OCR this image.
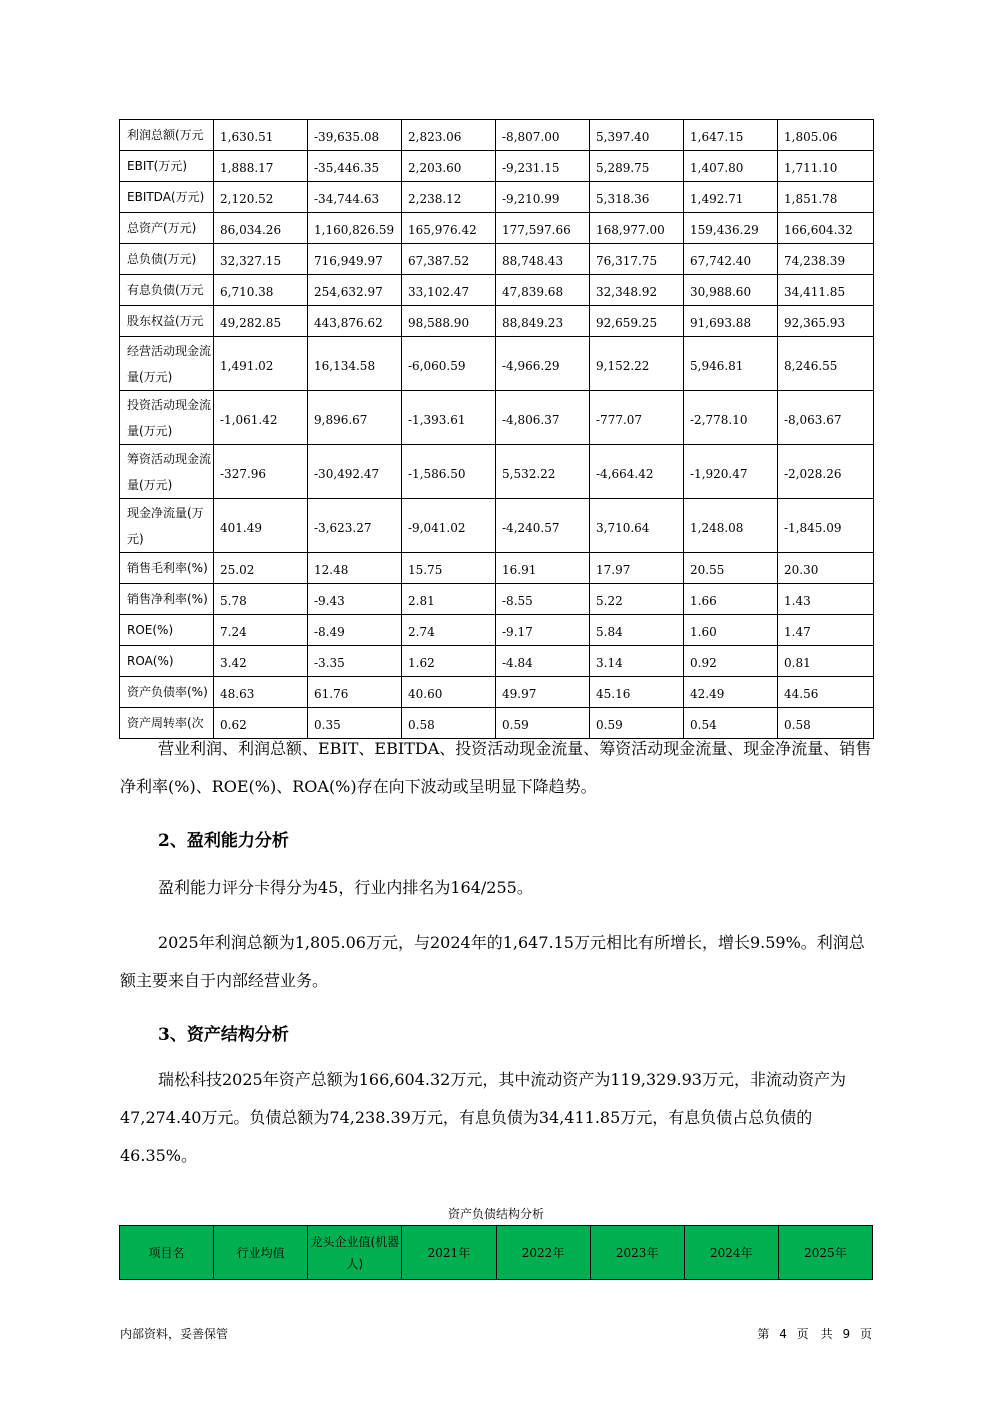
利润总额(万元	1,630.51	-39,635.08	2,823.06	-8,807.00	5,397.40	1,647.15	1,805.06
EBIT(万元)	1,888.17	-35,446.35	2,203.60	-9,231.15	5,289.75	1,407.80	1,711.10
EBITDA(万元)	2,120.52	-34,744.63	2,238.12	-9,210.99	5,318.36	1,492.71	1,851.78
总资产(万元)	86,034.26	1,160,826.59	165,976.42	177,597.66	168,977.00	159,436.29	166,604.32
总负债(万元)	32,327.15	716,949.97	67,387.52	88,748.43	76,317.75	67,742.40	74,238.39
有息负债(万元	6,710.38	254,632.97	33,102.47	47,839.68	32,348.92	30,988.60	34,411.85
股东权益(万元	49,282.85	443,876.62	98,588.90	88,849.23	92,659.25	91,693.88	92,365.93
经营活动现金流量(万元)	1,491.02	16,134.58	-6,060.59	-4,966.29	9,152.22	5,946.81	8,246.55
投资活动现金流量(万元)	-1,061.42	9,896.67	-1,393.61	-4,806.37	-777.07	-2,778.10	-8,063.67
筹资活动现金流量(万元)	-327.96	-30,492.47	-1,586.50	5,532.22	-4,664.42	-1,920.47	-2,028.26
现金净流量(万元)	401.49	-3,623.27	-9,041.02	-4,240.57	3,710.64	1,248.08	-1,845.09
销售毛利率(%)	25.02	12.48	15.75	16.91	17.97	20.55	20.30
销售净利率(%)	5.78	-9.43	2.81	-8.55	5.22	1.66	1.43
ROE(%)	7.24	-8.49	2.74	-9.17	5.84	1.60	1.47
ROA(%)	3.42	-3.35	1.62	-4.84	3.14	0.92	0.81
资产负债率(%)	48.63	61.76	40.60	49.97	45.16	42.49	44.56
资产周转率(次	0.62	0.35	0.58	0.59	0.59	0.54	0.58

营业利润、利润总额、EBIT、EBITDA、投资活动现金流量、筹资活动现金流量、现金净流量、销售净利率(%)、ROE(%)、ROA(%)存在向下波动或呈明显下降趋势。

2、盈利能力分析

盈利能力评分卡得分为45，行业内排名为164/255。

2025年利润总额为1,805.06万元，与2024年的1,647.15万元相比有所增长，增长9.59%。利润总额主要来自于内部经营业务。

3、资产结构分析

瑞松科技2025年资产总额为166,604.32万元，其中流动资产为119,329.93万元，非流动资产为47,274.40万元。负债总额为74,238.39万元，有息负债为34,411.85万元，有息负债占总负债的46.35%。

资产负债结构分析
项目名	行业均值	龙头企业值(机器人)	2021年	2022年	2023年	2024年	2025年
内部资料，妥善保管	第 4 页　共 9 页
